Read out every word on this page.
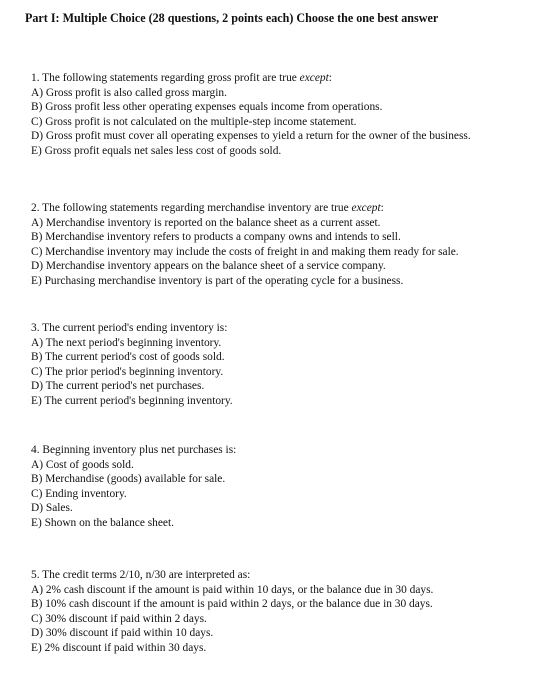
Part I: Multiple Choice (28 questions, 2 points each) Choose the one best answer
1. The following statements regarding gross profit are true except:
A) Gross profit is also called gross margin.
B) Gross profit less other operating expenses equals income from operations.
C) Gross profit is not calculated on the multiple-step income statement.
D) Gross profit must cover all operating expenses to yield a return for the owner of the business.
E) Gross profit equals net sales less cost of goods sold.
2. The following statements regarding merchandise inventory are true except:
A) Merchandise inventory is reported on the balance sheet as a current asset.
B) Merchandise inventory refers to products a company owns and intends to sell.
C) Merchandise inventory may include the costs of freight in and making them ready for sale.
D) Merchandise inventory appears on the balance sheet of a service company.
E) Purchasing merchandise inventory is part of the operating cycle for a business.
3. The current period's ending inventory is:
A) The next period's beginning inventory.
B) The current period's cost of goods sold.
C) The prior period's beginning inventory.
D) The current period's net purchases.
E) The current period's beginning inventory.
4. Beginning inventory plus net purchases is:
A) Cost of goods sold.
B) Merchandise (goods) available for sale.
C) Ending inventory.
D) Sales.
E) Shown on the balance sheet.
5. The credit terms 2/10, n/30 are interpreted as:
A) 2% cash discount if the amount is paid within 10 days, or the balance due in 30 days.
B) 10% cash discount if the amount is paid within 2 days, or the balance due in 30 days.
C) 30% discount if paid within 2 days.
D) 30% discount if paid within 10 days.
E) 2% discount if paid within 30 days.
